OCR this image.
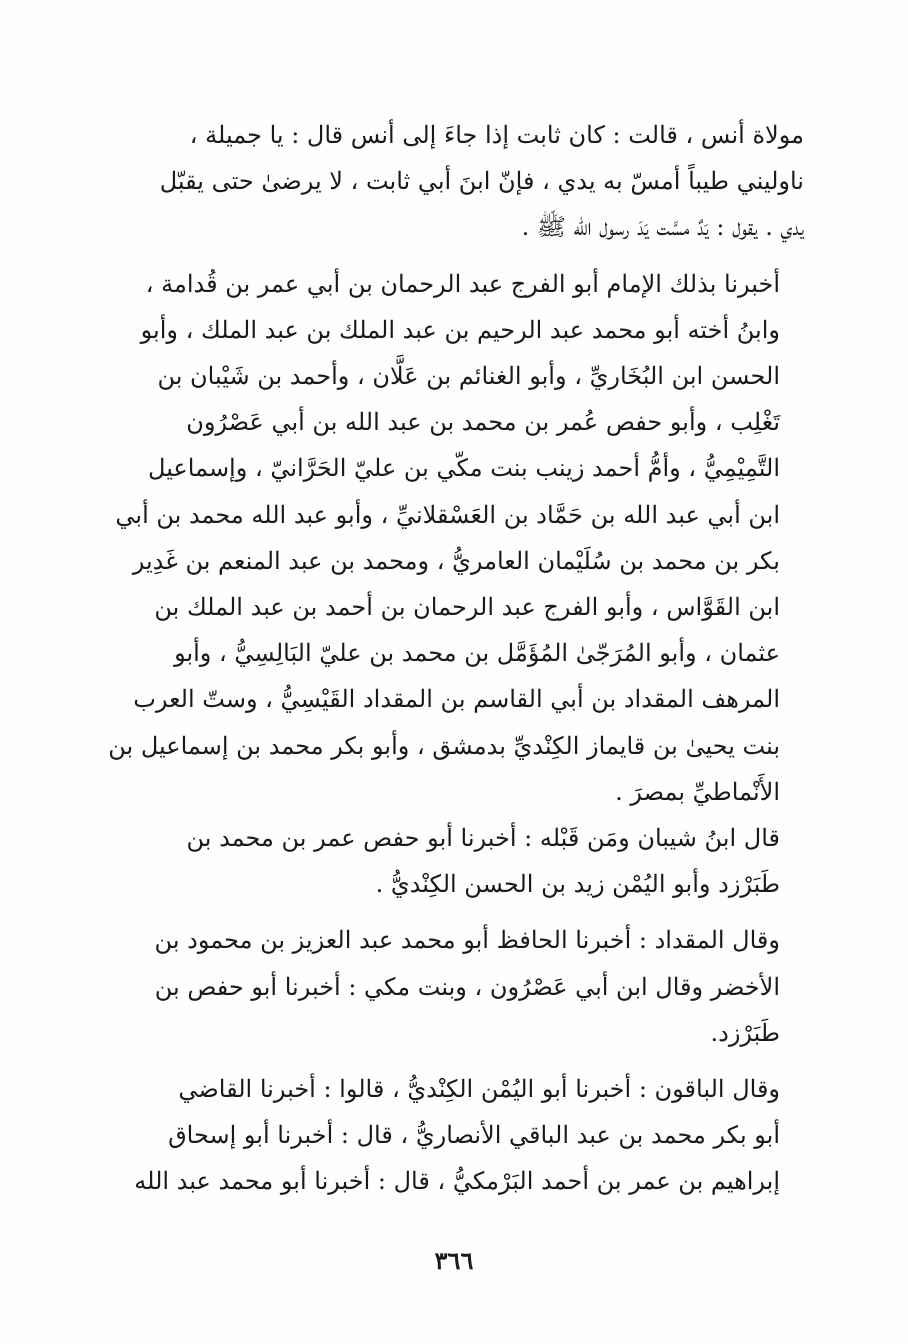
مولاة أنس ، قالت : كان ثابت إذا جاءَ إلى أنس قال : يا جميلة ،
ناوليني طيباً أمسّ به يدي ، فإنّ ابنَ أبي ثابت ، لا يرضىٰ حتى يقبّل
يدي . يقول : يَدٌ مسَّت يَدَ رسول الله ﷺ .

أخبرنا بذلك الإمام أبو الفرج عبد الرحمان بن أبي عمر بن قُدامة ،
وابنُ أخته أبو محمد عبد الرحيم بن عبد الملك بن عبد الملك ، وأبو
الحسن ابن البُخَاريِّ ، وأبو الغنائم بن عَلَّان ، وأحمد بن شَيْبان بن
تَغْلِب ، وأبو حفص عُمر بن محمد بن عبد الله بن أبي عَصْرُون
التَّمِيْمِيُّ ، وأمُّ أحمد زينب بنت مكّي بن عليّ الحَرَّانيّ ، وإسماعيل
ابن أبي عبد الله بن حَمَّاد بن العَسْقلانيِّ ، وأبو عبد الله محمد بن أبي
بكر بن محمد بن سُلَيْمان العامريُّ ، ومحمد بن عبد المنعم بن غَدِير
ابن القَوَّاس ، وأبو الفرج عبد الرحمان بن أحمد بن عبد الملك بن
عثمان ، وأبو المُرَجّىٰ المُؤَمَّل بن محمد بن عليّ البَالِسِيُّ ، وأبو
المرهف المقداد بن أبي القاسم بن المقداد القَيْسِيُّ ، وستّ العرب
بنت يحيىٰ بن قايماز الكِنْديِّ بدمشق ، وأبو بكر محمد بن إسماعيل بن
الأَنْماطيِّ بمصرَ .

قال ابنُ شيبان ومَن قَبْله : أخبرنا أبو حفص عمر بن محمد بن
طَبَرْزد وأبو اليُمْن زيد بن الحسن الكِنْديُّ .

وقال المقداد : أخبرنا الحافظ أبو محمد عبد العزيز بن محمود بن
الأخضر وقال ابن أبي عَصْرُون ، وبنت مكي : أخبرنا أبو حفص بن
طَبَرْزد.

وقال الباقون : أخبرنا أبو اليُمْن الكِنْديُّ ، قالوا : أخبرنا القاضي
أبو بكر محمد بن عبد الباقي الأنصاريُّ ، قال : أخبرنا أبو إسحاق
إبراهيم بن عمر بن أحمد البَرْمكيُّ ، قال : أخبرنا أبو محمد عبد الله

٣٦٦
